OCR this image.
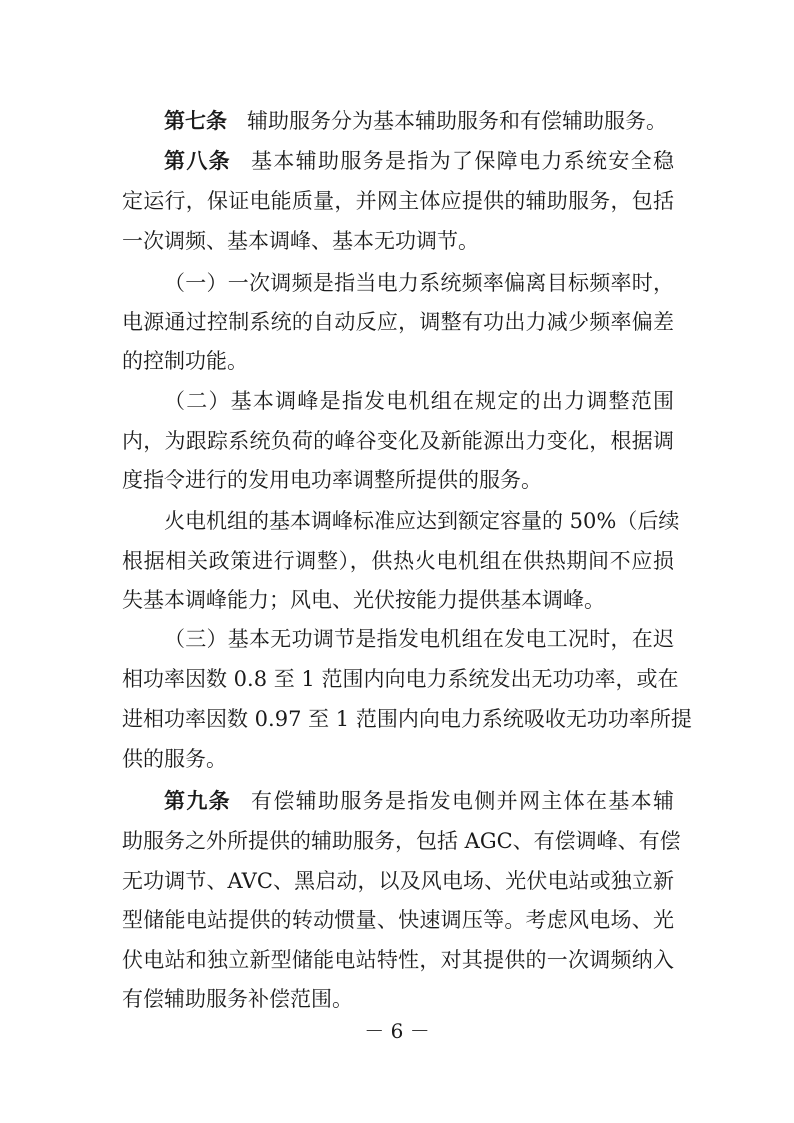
第七条 辅助服务分为基本辅助服务和有偿辅助服务。
第八条 基本辅助服务是指为了保障电力系统安全稳
定运行，保证电能质量，并网主体应提供的辅助服务，包括
一次调频、基本调峰、基本无功调节。
（一）一次调频是指当电力系统频率偏离目标频率时，
电源通过控制系统的自动反应，调整有功出力减少频率偏差
的控制功能。
（二）基本调峰是指发电机组在规定的出力调整范围
内，为跟踪系统负荷的峰谷变化及新能源出力变化，根据调
度指令进行的发用电功率调整所提供的服务。
火电机组的基本调峰标准应达到额定容量的 50%（后续
根据相关政策进行调整），供热火电机组在供热期间不应损
失基本调峰能力；风电、光伏按能力提供基本调峰。
（三）基本无功调节是指发电机组在发电工况时，在迟
相功率因数 0.8 至 1 范围内向电力系统发出无功功率，或在
进相功率因数 0.97 至 1 范围内向电力系统吸收无功功率所提
供的服务。
第九条 有偿辅助服务是指发电侧并网主体在基本辅
助服务之外所提供的辅助服务，包括 AGC、有偿调峰、有偿
无功调节、AVC、黑启动，以及风电场、光伏电站或独立新
型储能电站提供的转动惯量、快速调压等。考虑风电场、光
伏电站和独立新型储能电站特性，对其提供的一次调频纳入
有偿辅助服务补偿范围。
－ 6 －
